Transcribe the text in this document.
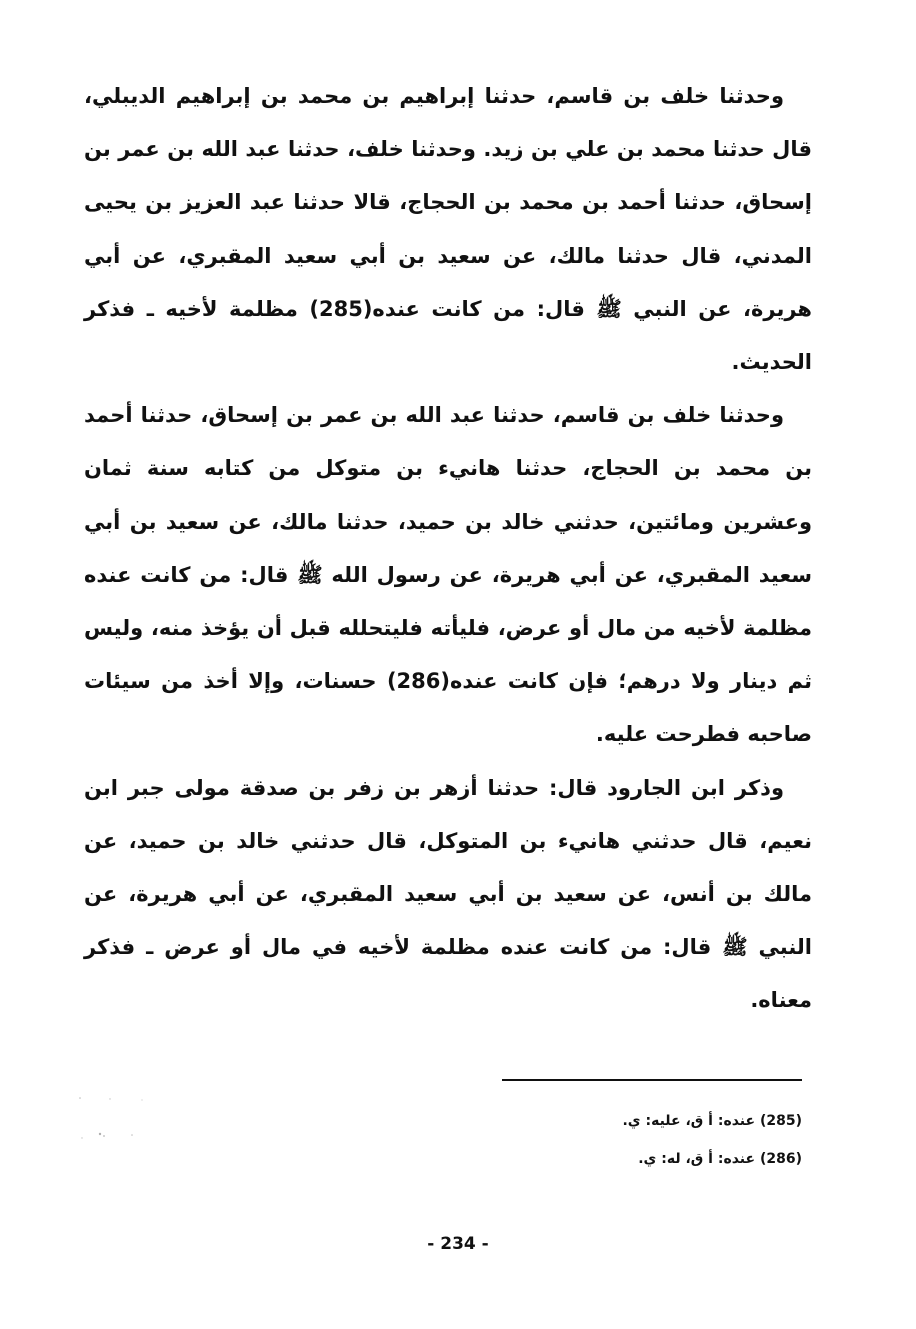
وحدثنا خلف بن قاسم، حدثنا إبراهيم بن محمد بن إبراهيم الديبلي، قال حدثنا محمد بن علي بن زيد. وحدثنا خلف، حدثنا عبد الله بن عمر بن إسحاق، حدثنا أحمد بن محمد بن الحجاج، قالا حدثنا عبد العزيز بن يحيى المدني، قال حدثنا مالك، عن سعيد بن أبي سعيد المقبري، عن أبي هريرة، عن النبي ﷺ قال: من كانت عنده(285) مظلمة لأخيه ـ فذكر الحديث.

وحدثنا خلف بن قاسم، حدثنا عبد الله بن عمر بن إسحاق، حدثنا أحمد بن محمد بن الحجاج، حدثنا هانيء بن متوكل من كتابه سنة ثمان وعشرين ومائتين، حدثني خالد بن حميد، حدثنا مالك، عن سعيد بن أبي سعيد المقبري، عن أبي هريرة، عن رسول الله ﷺ قال: من كانت عنده مظلمة لأخيه من مال أو عرض، فليأته فليتحلله قبل أن يؤخذ منه، وليس ثم دينار ولا درهم؛ فإن كانت عنده(286) حسنات، وإلا أخذ من سيئات صاحبه فطرحت عليه.

وذكر ابن الجارود قال: حدثنا أزهر بن زفر بن صدقة مولى جبر ابن نعيم، قال حدثني هانيء بن المتوكل، قال حدثني خالد بن حميد، عن مالك بن أنس، عن سعيد بن أبي سعيد المقبري، عن أبي هريرة، عن النبي ﷺ قال: من كانت عنده مظلمة لأخيه في مال أو عرض ـ فذكر معناه.

(285) عنده: أ ق، عليه: ي.

(286) عنده: أ ق، له: ي.

- 234 -
